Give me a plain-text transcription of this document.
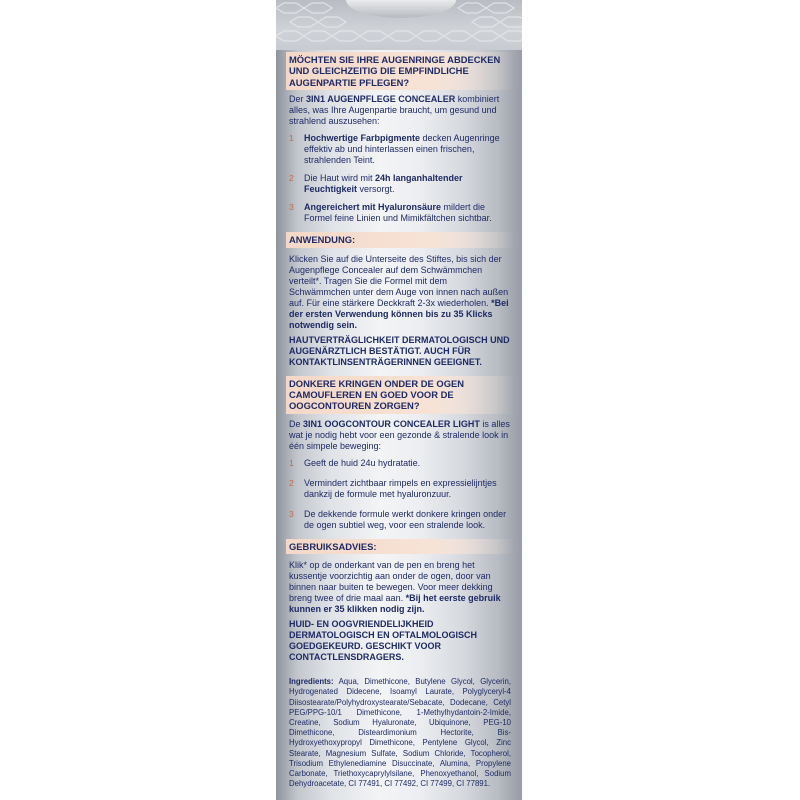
MÖCHTEN SIE IHRE AUGENRINGE ABDECKEN UND GLEICHZEITIG DIE EMPFINDLICHE AUGENPARTIE PFLEGEN?

Der 3IN1 AUGENPFLEGE CONCEALER kombiniert alles, was Ihre Augenpartie braucht, um gesund und strahlend auszusehen:

1	Hochwertige Farbpigmente decken Augenringe effektiv ab und hinterlassen einen frischen, strahlenden Teint.
2	Die Haut wird mit 24h langanhaltender Feuchtigkeit versorgt.
3	Angereichert mit Hyaluronsäure mildert die Formel feine Linien und Mimikfältchen sichtbar.
ANWENDUNG:

Klicken Sie auf die Unterseite des Stiftes, bis sich der Augenpflege Concealer auf dem Schwämmchen verteilt*. Tragen Sie die Formel mit dem Schwämmchen unter dem Auge von innen nach außen auf. Für eine stärkere Deckkraft 2-3x wiederholen. *Bei der ersten Verwendung können bis zu 35 Klicks notwendig sein.

HAUTVERTRÄGLICHKEIT DERMATOLOGISCH UND AUGENÄRZTLICH BESTÄTIGT. AUCH FÜR KONTAKTLINSENTRÄGERINNEN GEEIGNET.
DONKERE KRINGEN ONDER DE OGEN CAMOUFLEREN EN GOED VOOR DE OOGCONTOUREN ZORGEN?

De 3IN1 OOGCONTOUR CONCEALER LIGHT is alles wat je nodig hebt voor een gezonde & stralende look in één simpele beweging:

1	Geeft de huid 24u hydratatie.
2	Vermindert zichtbaar rimpels en expressielijntjes dankzij de formule met hyaluronzuur.
3	De dekkende formule werkt donkere kringen onder de ogen subtiel weg, voor een stralende look.
GEBRUIKSADVIES:

Klik* op de onderkant van de pen en breng het kussentje voorzichtig aan onder de ogen, door van binnen naar buiten te bewegen. Voor meer dekking breng twee of drie maal aan. *Bij het eerste gebruik kunnen er 35 klikken nodig zijn.

HUID- EN OOGVRIENDELIJKHEID DERMATOLOGISCH EN OFTALMOLOGISCH GOEDGEKEURD. GESCHIKT VOOR CONTACTLENSDRAGERS.

Ingredients: Aqua, Dimethicone, Butylene Glycol, Glycerin, Hydrogenated Didecene, Isoamyl Laurate, Polyglyceryl-4 Diisostearate/Polyhydroxystearate/Sebacate, Dodecane, Cetyl PEG/PPG-10/1 Dimethicone, 1-Methylhydantoin-2-Imide, Creatine, Sodium Hyaluronate, Ubiquinone, PEG-10 Dimethicone, Disteardimonium Hectorite, Bis-Hydroxyethoxypropyl Dimethicone, Pentylene Glycol, Zinc Stearate, Magnesium Sulfate, Sodium Chloride, Tocopherol, Trisodium Ethylenediamine Disuccinate, Alumina, Propylene Carbonate, Triethoxycaprylylsilane, Phenoxyethanol, Sodium Dehydroacetate, CI 77491, CI 77492, CI 77499, CI 77891.
